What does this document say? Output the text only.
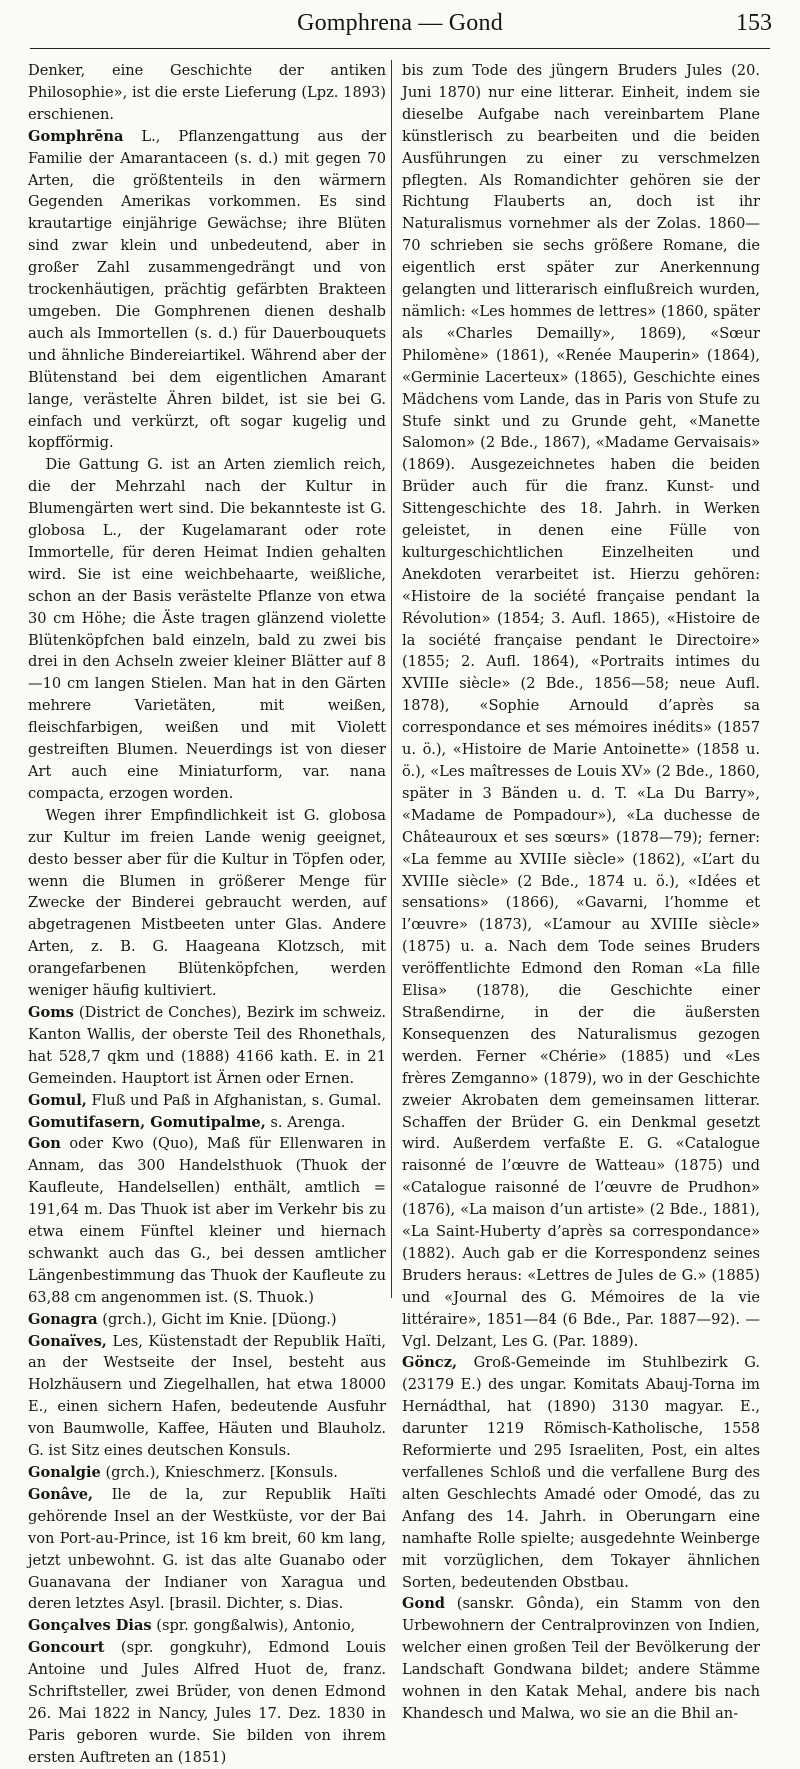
Gomphrena — Gond	153

Denker, eine Geschichte der antiken Philosophie», ist die erste Lieferung (Lpz. 1893) erschienen.

Gomphrēna L., Pflanzengattung aus der Familie der Amarantaceen (s. d.) mit gegen 70 Arten, die größtenteils in den wärmern Gegenden Amerikas vorkommen. Es sind krautartige einjährige Gewächse; ihre Blüten sind zwar klein und unbedeutend, aber in großer Zahl zusammengedrängt und von trockenhäutigen, prächtig gefärbten Brakteen umgeben. Die Gomphrenen dienen deshalb auch als Immortellen (s. d.) für Dauerbouquets und ähnliche Bindereiartikel. Während aber der Blütenstand bei dem eigentlichen Amarant lange, verästelte Ähren bildet, ist sie bei G. einfach und verkürzt, oft sogar kugelig und kopfförmig.

Die Gattung G. ist an Arten ziemlich reich, die der Mehrzahl nach der Kultur in Blumengärten wert sind. Die bekannteste ist G. globosa L., der Kugelamarant oder rote Immortelle, für deren Heimat Indien gehalten wird. Sie ist eine weichbehaarte, weißliche, schon an der Basis verästelte Pflanze von etwa 30 cm Höhe; die Äste tragen glänzend violette Blütenköpfchen bald einzeln, bald zu zwei bis drei in den Achseln zweier kleiner Blätter auf 8—10 cm langen Stielen. Man hat in den Gärten mehrere Varietäten, mit weißen, fleischfarbigen, weißen und mit Violett gestreiften Blumen. Neuerdings ist von dieser Art auch eine Miniaturform, var. nana compacta, erzogen worden.

Wegen ihrer Empfindlichkeit ist G. globosa zur Kultur im freien Lande wenig geeignet, desto besser aber für die Kultur in Töpfen oder, wenn die Blumen in größerer Menge für Zwecke der Binderei gebraucht werden, auf abgetragenen Mistbeeten unter Glas. Andere Arten, z. B. G. Haageana Klotzsch, mit orangefarbenen Blütenköpfchen, werden weniger häufig kultiviert.

Goms (District de Conches), Bezirk im schweiz. Kanton Wallis, der oberste Teil des Rhonethals, hat 528,7 qkm und (1888) 4166 kath. E. in 21 Gemeinden. Hauptort ist Ärnen oder Ernen.

Gomul, Fluß und Paß in Afghanistan, s. Gumal.

Gomutifasern, Gomutipalme, s. Arenga.

Gon oder Kwo (Quo), Maß für Ellenwaren in Annam, das 300 Handelsthuok (Thuok der Kaufleute, Handelsellen) enthält, amtlich = 191,64 m. Das Thuok ist aber im Verkehr bis zu etwa einem Fünftel kleiner und hiernach schwankt auch das G., bei dessen amtlicher Längenbestimmung das Thuok der Kaufleute zu 63,88 cm angenommen ist. (S. Thuok.)

Gonagra (grch.), Gicht im Knie. [Düong.)

Gonaïves, Les, Küstenstadt der Republik Haïti, an der Westseite der Insel, besteht aus Holzhäusern und Ziegelhallen, hat etwa 18000 E., einen sichern Hafen, bedeutende Ausfuhr von Baumwolle, Kaffee, Häuten und Blauholz. G. ist Sitz eines deutschen Konsuls.

Gonalgie (grch.), Knieschmerz. [Konsuls.

Gonâve, Ile de la, zur Republik Haïti gehörende Insel an der Westküste, vor der Bai von Port-au-Prince, ist 16 km breit, 60 km lang, jetzt unbewohnt. G. ist das alte Guanabo oder Guanavana der Indianer von Xaragua und deren letztes Asyl. [brasil. Dichter, s. Dias.

Gonçalves Dias (spr. gongßalwis), Antonio,

Goncourt (spr. gongkuhr), Edmond Louis Antoine und Jules Alfred Huot de, franz. Schriftsteller, zwei Brüder, von denen Edmond 26. Mai 1822 in Nancy, Jules 17. Dez. 1830 in Paris geboren wurde. Sie bilden von ihrem ersten Auftreten an (1851)

bis zum Tode des jüngern Bruders Jules (20. Juni 1870) nur eine litterar. Einheit, indem sie dieselbe Aufgabe nach vereinbartem Plane künstlerisch zu bearbeiten und die beiden Ausführungen zu einer zu verschmelzen pflegten. Als Romandichter gehören sie der Richtung Flauberts an, doch ist ihr Naturalismus vornehmer als der Zolas. 1860—70 schrieben sie sechs größere Romane, die eigentlich erst später zur Anerkennung gelangten und litterarisch einflußreich wurden, nämlich: «Les hommes de lettres» (1860, später als «Charles Demailly», 1869), «Sœur Philomène» (1861), «Renée Mauperin» (1864), «Germinie Lacerteux» (1865), Geschichte eines Mädchens vom Lande, das in Paris von Stufe zu Stufe sinkt und zu Grunde geht, «Manette Salomon» (2 Bde., 1867), «Madame Gervaisais» (1869). Ausgezeichnetes haben die beiden Brüder auch für die franz. Kunst- und Sittengeschichte des 18. Jahrh. in Werken geleistet, in denen eine Fülle von kulturgeschichtlichen Einzelheiten und Anekdoten verarbeitet ist. Hierzu gehören: «Histoire de la société française pendant la Révolution» (1854; 3. Aufl. 1865), «Histoire de la société française pendant le Directoire» (1855; 2. Aufl. 1864), «Portraits intimes du XVIIIe siècle» (2 Bde., 1856—58; neue Aufl. 1878), «Sophie Arnould d’après sa correspondance et ses mémoires inédits» (1857 u. ö.), «Histoire de Marie Antoinette» (1858 u. ö.), «Les maîtresses de Louis XV» (2 Bde., 1860, später in 3 Bänden u. d. T. «La Du Barry», «Madame de Pompadour»), «La duchesse de Châteauroux et ses sœurs» (1878—79); ferner: «La femme au XVIIIe siècle» (1862), «L’art du XVIIIe siècle» (2 Bde., 1874 u. ö.), «Idées et sensations» (1866), «Gavarni, l’homme et l’œuvre» (1873), «L’amour au XVIIIe siècle» (1875) u. a. Nach dem Tode seines Bruders veröffentlichte Edmond den Roman «La fille Elisa» (1878), die Geschichte einer Straßendirne, in der die äußersten Konsequenzen des Naturalismus gezogen werden. Ferner «Chérie» (1885) und «Les frères Zemganno» (1879), wo in der Geschichte zweier Akrobaten dem gemeinsamen litterar. Schaffen der Brüder G. ein Denkmal gesetzt wird. Außerdem verfaßte E. G. «Catalogue raisonné de l’œuvre de Watteau» (1875) und «Catalogue raisonné de l’œuvre de Prudhon» (1876), «La maison d’un artiste» (2 Bde., 1881), «La Saint-Huberty d’après sa correspondance» (1882). Auch gab er die Korrespondenz seines Bruders heraus: «Lettres de Jules de G.» (1885) und «Journal des G. Mémoires de la vie littéraire», 1851—84 (6 Bde., Par. 1887—92). — Vgl. Delzant, Les G. (Par. 1889).

Göncz, Groß-Gemeinde im Stuhlbezirk G. (23179 E.) des ungar. Komitats Abauj-Torna im Hernádthal, hat (1890) 3130 magyar. E., darunter 1219 Römisch-Katholische, 1558 Reformierte und 295 Israeliten, Post, ein altes verfallenes Schloß und die verfallene Burg des alten Geschlechts Amadé oder Omodé, das zu Anfang des 14. Jahrh. in Oberungarn eine namhafte Rolle spielte; ausgedehnte Weinberge mit vorzüglichen, dem Tokayer ähnlichen Sorten, bedeutenden Obstbau.

Gond (sanskr. Gônda), ein Stamm von den Urbewohnern der Centralprovinzen von Indien, welcher einen großen Teil der Bevölkerung der Landschaft Gondwana bildet; andere Stämme wohnen in den Katak Mehal, andere bis nach Khandesch und Malwa, wo sie an die Bhil an-
